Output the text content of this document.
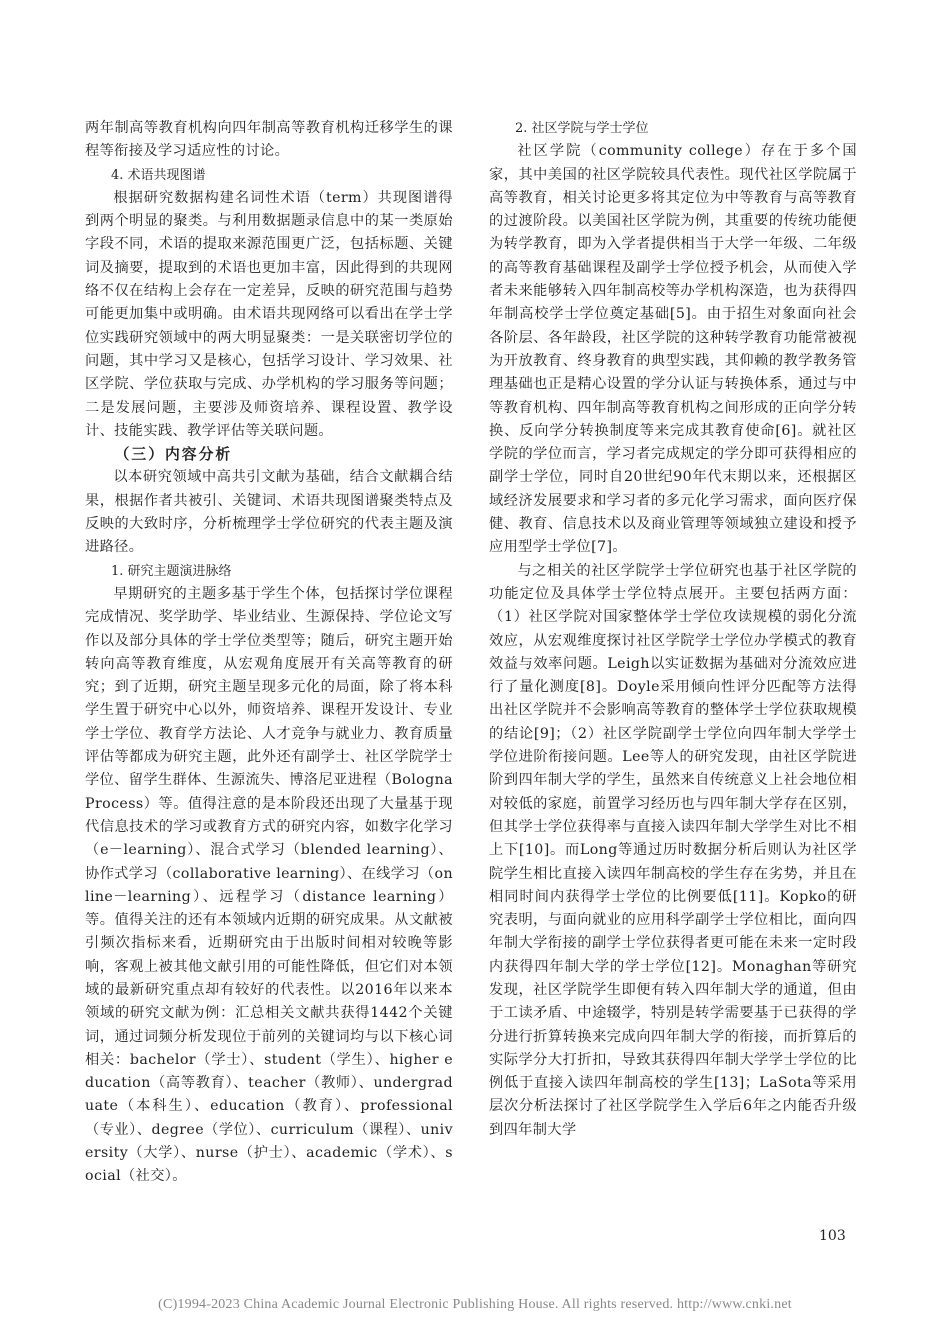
两年制高等教育机构向四年制高等教育机构迁移学生的课程等衔接及学习适应性的讨论。

4. 术语共现图谱

根据研究数据构建名词性术语（term）共现图谱得到两个明显的聚类。与利用数据题录信息中的某一类原始字段不同，术语的提取来源范围更广泛，包括标题、关键词及摘要，提取到的术语也更加丰富，因此得到的共现网络不仅在结构上会存在一定差异，反映的研究范围与趋势可能更加集中或明确。由术语共现网络可以看出在学士学位实践研究领域中的两大明显聚类：一是关联密切学位的问题，其中学习又是核心，包括学习设计、学习效果、社区学院、学位获取与完成、办学机构的学习服务等问题；二是发展问题，主要涉及师资培养、课程设置、教学设计、技能实践、教学评估等关联问题。

（三）内容分析

以本研究领域中高共引文献为基础，结合文献耦合结果，根据作者共被引、关键词、术语共现图谱聚类特点及反映的大致时序，分析梳理学士学位研究的代表主题及演进路径。

1. 研究主题演进脉络

早期研究的主题多基于学生个体，包括探讨学位课程完成情况、奖学助学、毕业结业、生源保持、学位论文写作以及部分具体的学士学位类型等；随后，研究主题开始转向高等教育维度，从宏观角度展开有关高等教育的研究；到了近期，研究主题呈现多元化的局面，除了将本科学生置于研究中心以外，师资培养、课程开发设计、专业学士学位、教育学方法论、人才竞争与就业力、教育质量评估等都成为研究主题，此外还有副学士、社区学院学士学位、留学生群体、生源流失、博洛尼亚进程（Bologna Process）等。值得注意的是本阶段还出现了大量基于现代信息技术的学习或教育方式的研究内容，如数字化学习（e－learning）、混合式学习（blended learning）、协作式学习（collaborative learning）、在线学习（online－learning）、远程学习（distance learning）等。值得关注的还有本领域内近期的研究成果。从文献被引频次指标来看，近期研究由于出版时间相对较晚等影响，客观上被其他文献引用的可能性降低，但它们对本领域的最新研究重点却有较好的代表性。以2016年以来本领域的研究文献为例：汇总相关文献共获得1442个关键词，通过词频分析发现位于前列的关键词均与以下核心词相关：bachelor（学士）、student（学生）、higher education（高等教育）、teacher（教师）、undergraduate（本科生）、education（教育）、professional（专业）、degree（学位）、curriculum（课程）、university（大学）、nurse（护士）、academic（学术）、social（社交）。

2. 社区学院与学士学位

社区学院（community college）存在于多个国家，其中美国的社区学院较具代表性。现代社区学院属于高等教育，相关讨论更多将其定位为中等教育与高等教育的过渡阶段。以美国社区学院为例，其重要的传统功能便为转学教育，即为入学者提供相当于大学一年级、二年级的高等教育基础课程及副学士学位授予机会，从而使入学者未来能够转入四年制高校等办学机构深造，也为获得四年制高校学士学位奠定基础[5]。由于招生对象面向社会各阶层、各年龄段，社区学院的这种转学教育功能常被视为开放教育、终身教育的典型实践，其仰赖的教学教务管理基础也正是精心设置的学分认证与转换体系，通过与中等教育机构、四年制高等教育机构之间形成的正向学分转换、反向学分转换制度等来完成其教育使命[6]。就社区学院的学位而言，学习者完成规定的学分即可获得相应的副学士学位，同时自20世纪90年代末期以来，还根据区域经济发展要求和学习者的多元化学习需求，面向医疗保健、教育、信息技术以及商业管理等领域独立建设和授予应用型学士学位[7]。

与之相关的社区学院学士学位研究也基于社区学院的功能定位及具体学士学位特点展开。主要包括两方面：（1）社区学院对国家整体学士学位攻读规模的弱化分流效应，从宏观维度探讨社区学院学士学位办学模式的教育效益与效率问题。Leigh以实证数据为基础对分流效应进行了量化测度[8]。Doyle采用倾向性评分匹配等方法得出社区学院并不会影响高等教育的整体学士学位获取规模的结论[9]；（2）社区学院副学士学位向四年制大学学士学位进阶衔接问题。Lee等人的研究发现，由社区学院进阶到四年制大学的学生，虽然来自传统意义上社会地位相对较低的家庭，前置学习经历也与四年制大学存在区别，但其学士学位获得率与直接入读四年制大学学生对比不相上下[10]。而Long等通过历时数据分析后则认为社区学院学生相比直接入读四年制高校的学生存在劣势，并且在相同时间内获得学士学位的比例要低[11]。Kopko的研究表明，与面向就业的应用科学副学士学位相比，面向四年制大学衔接的副学士学位获得者更可能在未来一定时段内获得四年制大学的学士学位[12]。Monaghan等研究发现，社区学院学生即便有转入四年制大学的通道，但由于工读矛盾、中途辍学，特别是转学需要基于已获得的学分进行折算转换来完成向四年制大学的衔接，而折算后的实际学分大打折扣，导致其获得四年制大学学士学位的比例低于直接入读四年制高校的学生[13]；LaSota等采用层次分析法探讨了社区学院学生入学后6年之内能否升级到四年制大学

103
(C)1994-2023 China Academic Journal Electronic Publishing House. All rights reserved. http://www.cnki.net
